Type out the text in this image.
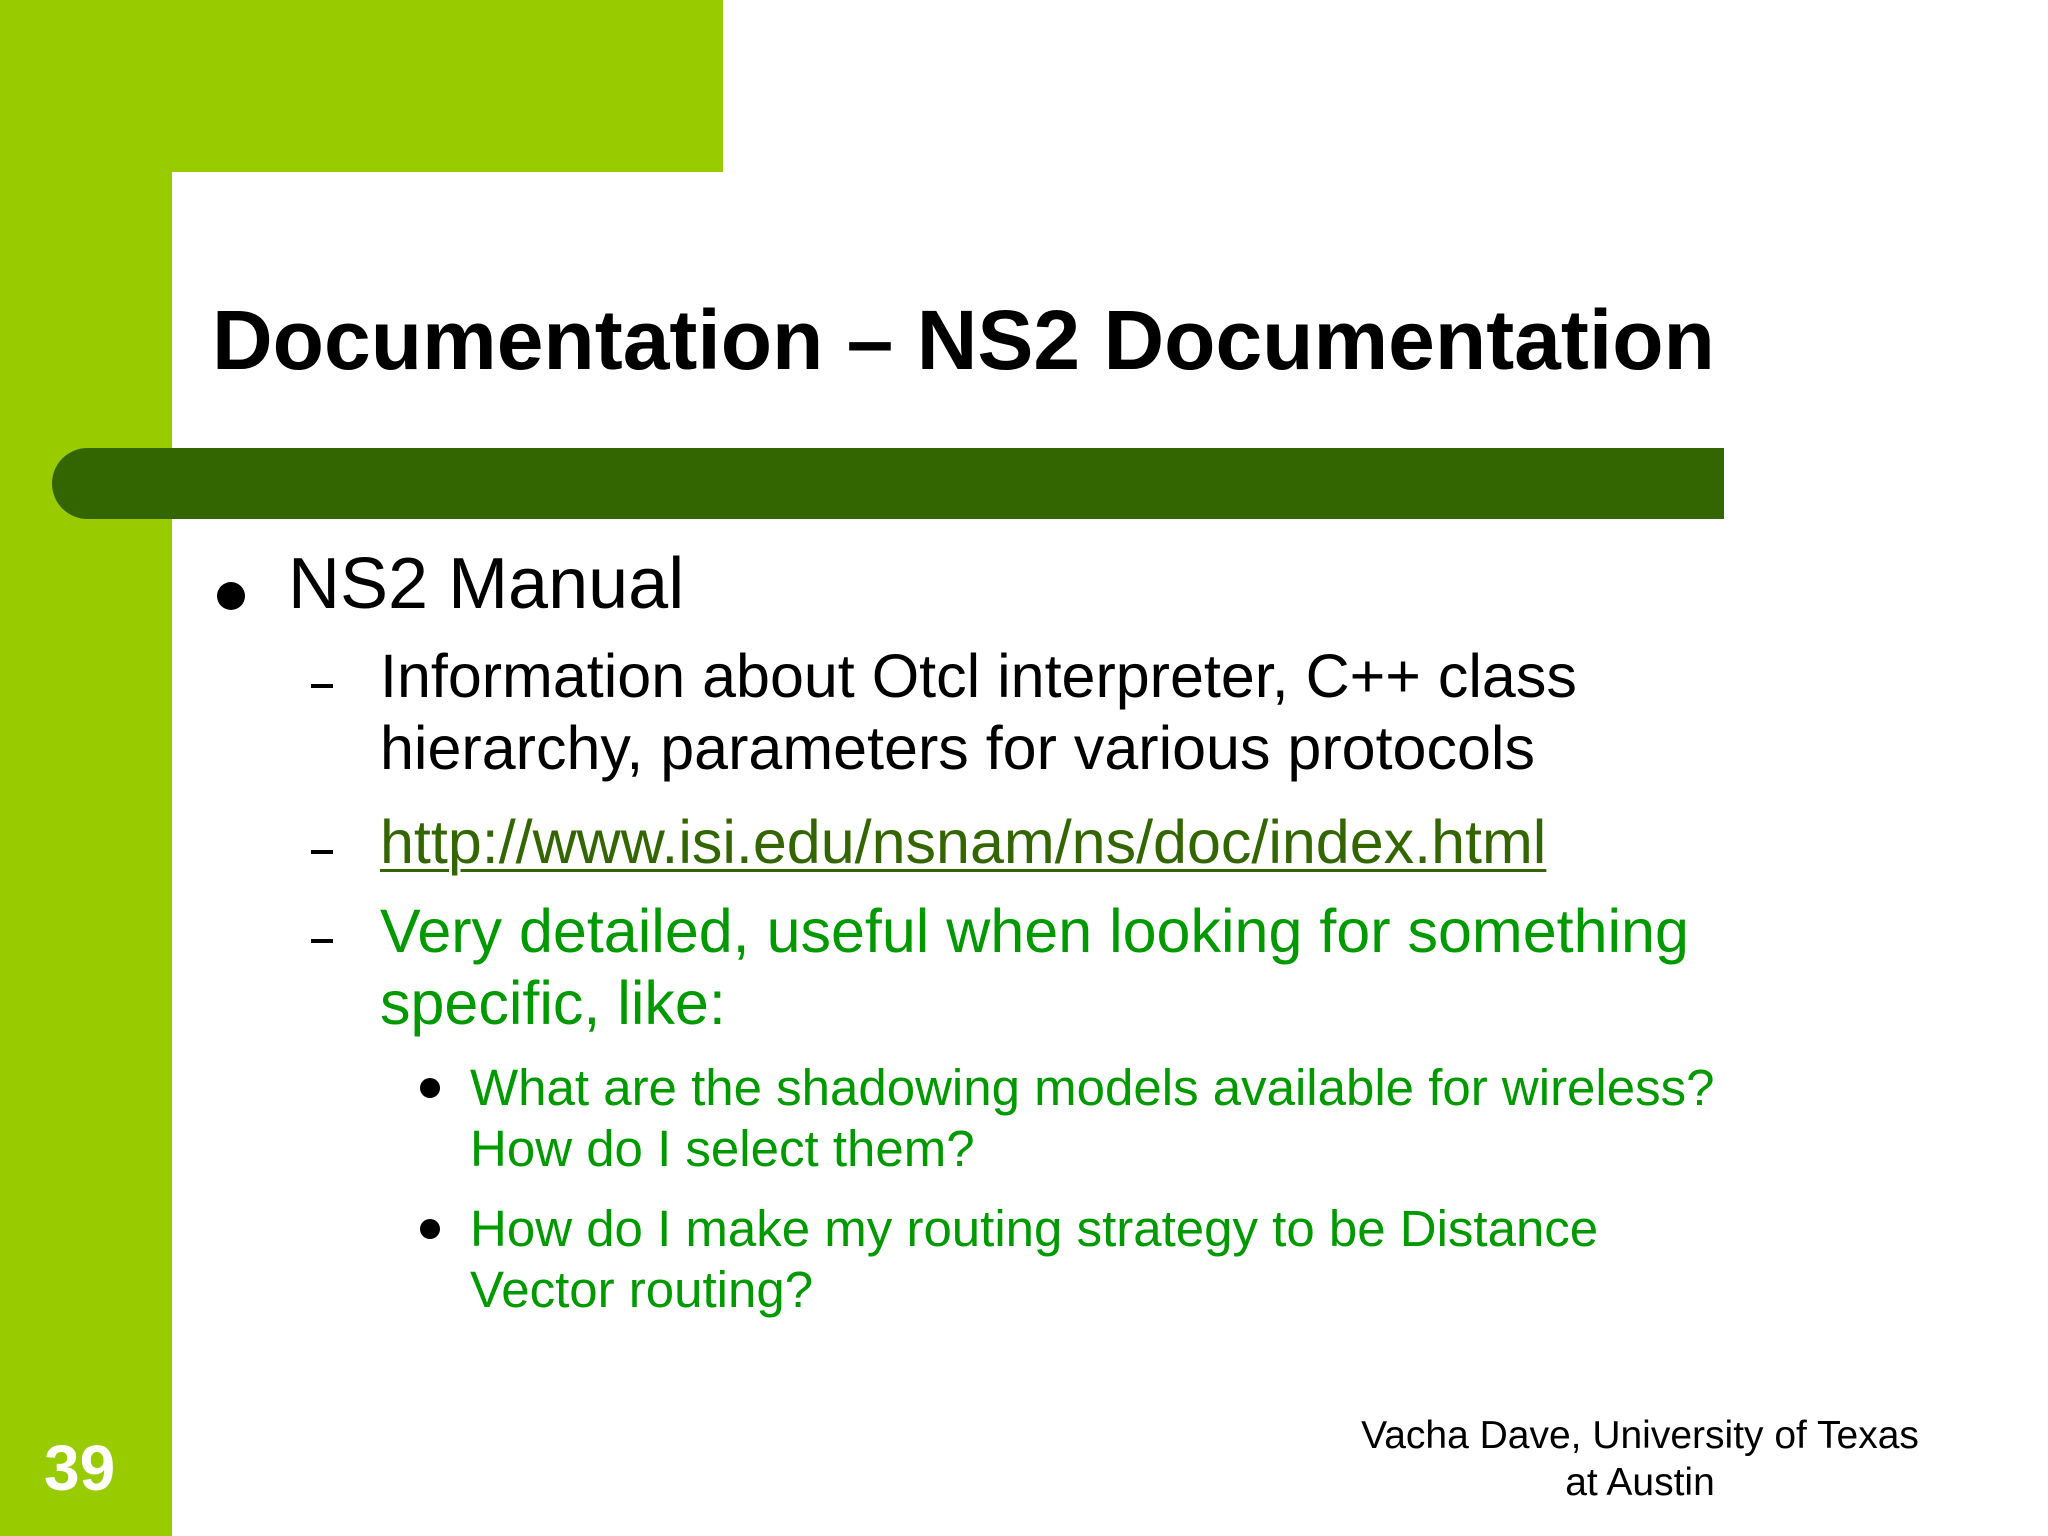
Documentation – NS2 Documentation
NS2 Manual
Information about Otcl interpreter, C++ class
hierarchy, parameters for various protocols
http://www.isi.edu/nsnam/ns/doc/index.html
Very detailed, useful when looking for something
specific, like:
What are the shadowing models available for wireless?
How do I select them?
How do I make my routing strategy to be Distance
Vector routing?
39	Vacha Dave, University of Texas
at Austin
